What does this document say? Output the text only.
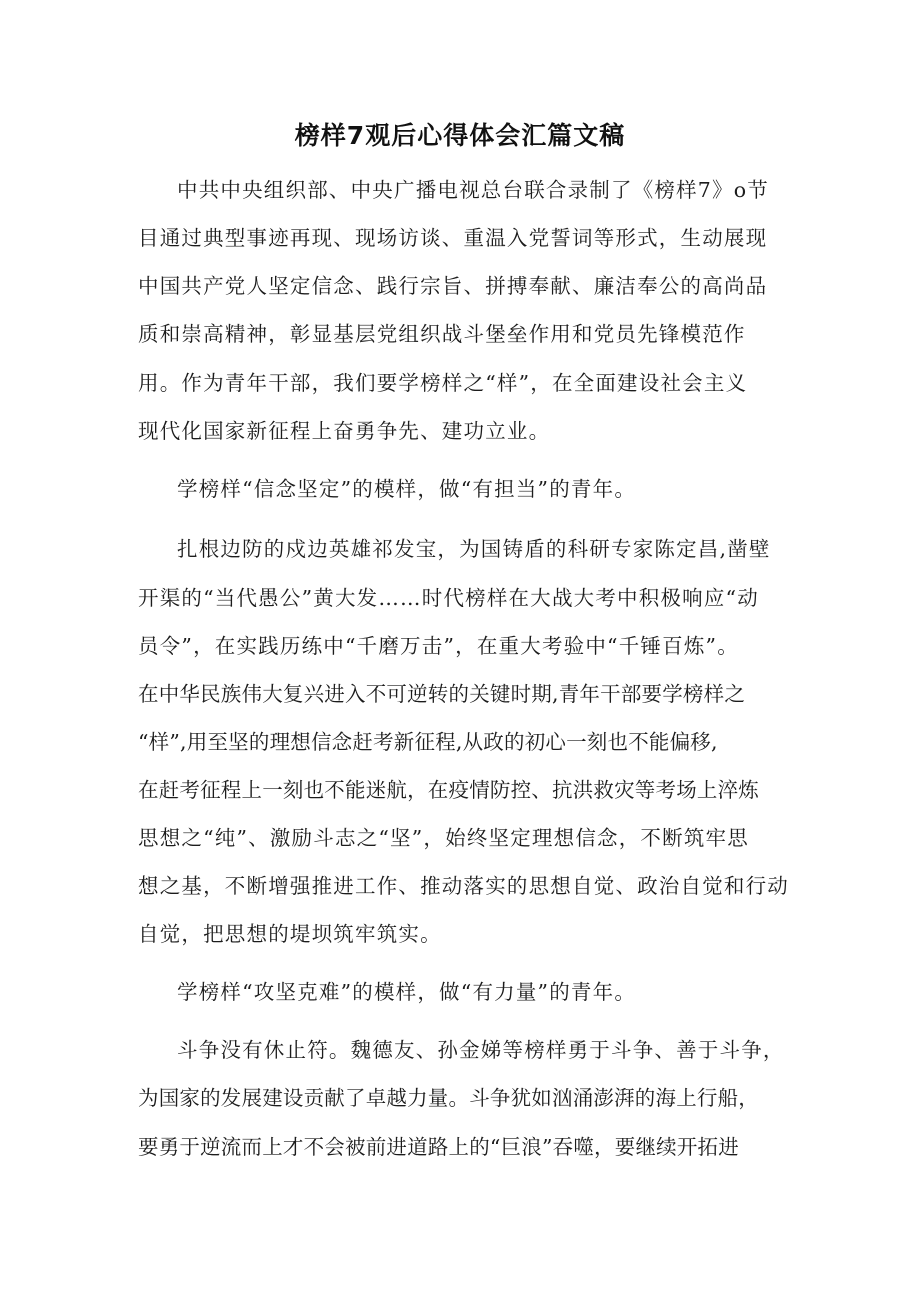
榜样7观后心得体会汇篇文稿
中共中央组织部、中央广播电视总台联合录制了《榜样7》o节
目通过典型事迹再现、现场访谈、重温入党誓词等形式，生动展现
中国共产党人坚定信念、践行宗旨、拼搏奉献、廉洁奉公的高尚品
质和崇高精神，彰显基层党组织战斗堡垒作用和党员先锋模范作
用。作为青年干部，我们要学榜样之“样”，在全面建设社会主义
现代化国家新征程上奋勇争先、建功立业。
学榜样“信念坚定”的模样，做“有担当”的青年。
扎根边防的戍边英雄祁发宝，为国铸盾的科研专家陈定昌,凿壁
开渠的“当代愚公”黄大发……时代榜样在大战大考中积极响应“动
员令”，在实践历练中“千磨万击”，在重大考验中“千锤百炼”。
在中华民族伟大复兴进入不可逆转的关键时期,青年干部要学榜样之
“样”,用至坚的理想信念赶考新征程,从政的初心一刻也不能偏移,
在赶考征程上一刻也不能迷航，在疫情防控、抗洪救灾等考场上淬炼
思想之“纯”、激励斗志之“坚”，始终坚定理想信念，不断筑牢思
想之基，不断增强推进工作、推动落实的思想自觉、政治自觉和行动
自觉，把思想的堤坝筑牢筑实。
学榜样“攻坚克难”的模样，做“有力量”的青年。
斗争没有休止符。魏德友、孙金娣等榜样勇于斗争、善于斗争，
为国家的发展建设贡献了卓越力量。斗争犹如汹涌澎湃的海上行船，
要勇于逆流而上才不会被前进道路上的“巨浪”吞噬，要继续开拓进
